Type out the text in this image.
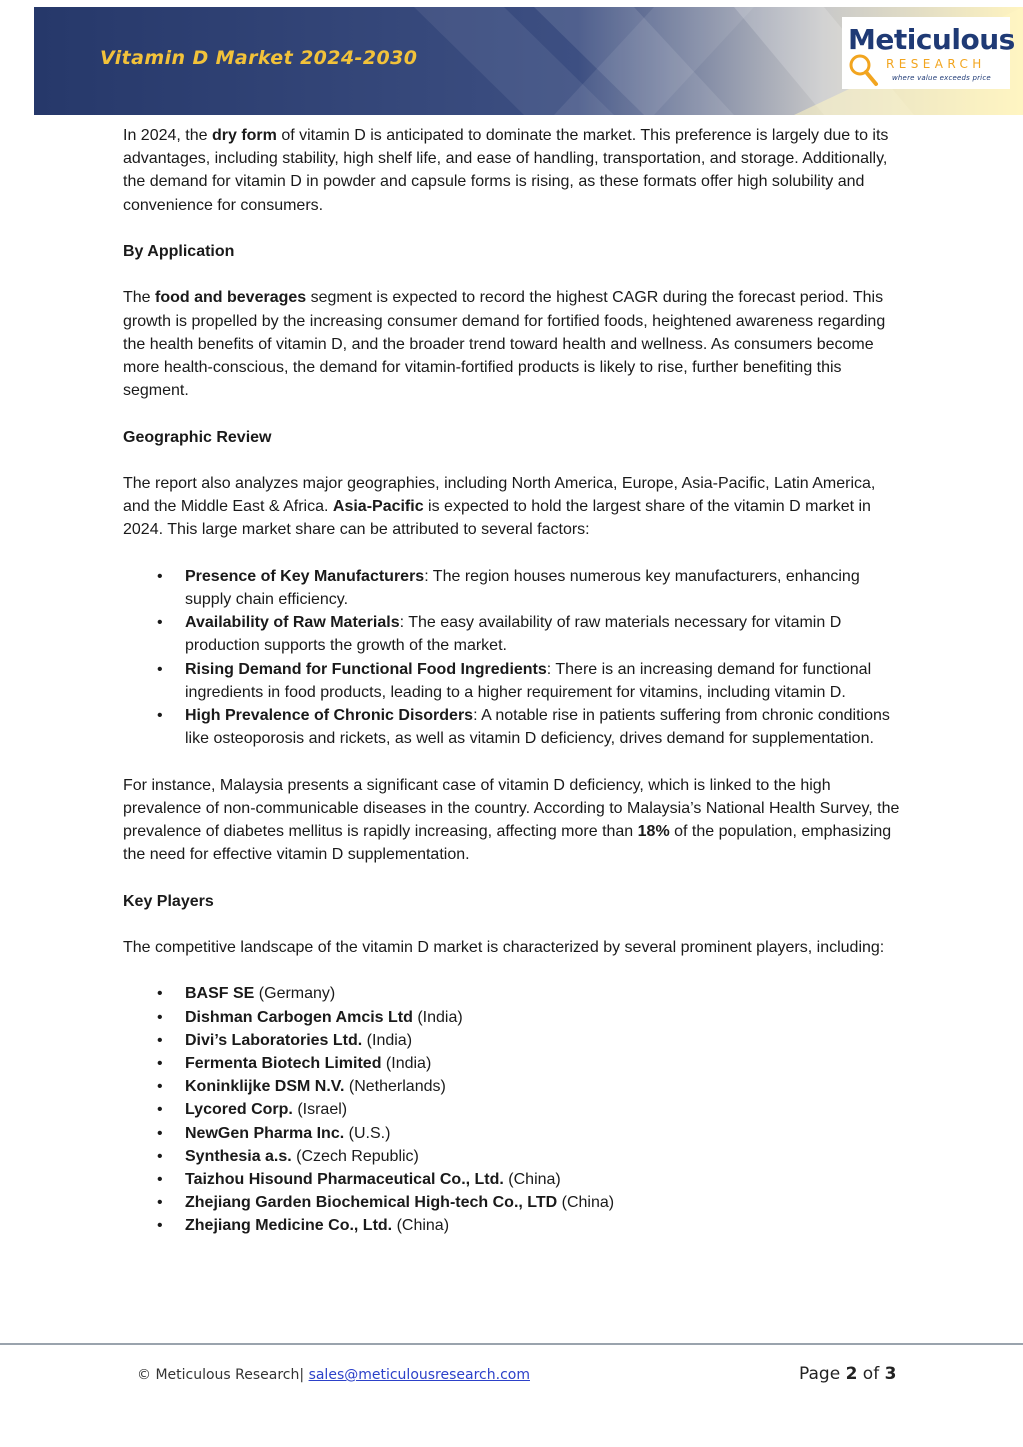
Vitamin D Market 2024-2030
Meticulous
RESEARCH
where value exceeds price

In 2024, the dry form of vitamin D is anticipated to dominate the market. This preference is largely due to its advantages, including stability, high shelf life, and ease of handling, transportation, and storage. Additionally, the demand for vitamin D in powder and capsule forms is rising, as these formats offer high solubility and convenience for consumers.

By Application

The food and beverages segment is expected to record the highest CAGR during the forecast period. This growth is propelled by the increasing consumer demand for fortified foods, heightened awareness regarding the health benefits of vitamin D, and the broader trend toward health and wellness. As consumers become more health-conscious, the demand for vitamin-fortified products is likely to rise, further benefiting this segment.

Geographic Review

The report also analyzes major geographies, including North America, Europe, Asia-Pacific, Latin America, and the Middle East & Africa. Asia-Pacific is expected to hold the largest share of the vitamin D market in 2024. This large market share can be attributed to several factors:

• Presence of Key Manufacturers: The region houses numerous key manufacturers, enhancing supply chain efficiency.
• Availability of Raw Materials: The easy availability of raw materials necessary for vitamin D production supports the growth of the market.
• Rising Demand for Functional Food Ingredients: There is an increasing demand for functional ingredients in food products, leading to a higher requirement for vitamins, including vitamin D.
• High Prevalence of Chronic Disorders: A notable rise in patients suffering from chronic conditions like osteoporosis and rickets, as well as vitamin D deficiency, drives demand for supplementation.

For instance, Malaysia presents a significant case of vitamin D deficiency, which is linked to the high prevalence of non-communicable diseases in the country. According to Malaysia’s National Health Survey, the prevalence of diabetes mellitus is rapidly increasing, affecting more than 18% of the population, emphasizing the need for effective vitamin D supplementation.

Key Players

The competitive landscape of the vitamin D market is characterized by several prominent players, including:

• BASF SE (Germany)
• Dishman Carbogen Amcis Ltd (India)
• Divi’s Laboratories Ltd. (India)
• Fermenta Biotech Limited (India)
• Koninklijke DSM N.V. (Netherlands)
• Lycored Corp. (Israel)
• NewGen Pharma Inc. (U.S.)
• Synthesia a.s. (Czech Republic)
• Taizhou Hisound Pharmaceutical Co., Ltd. (China)
• Zhejiang Garden Biochemical High-tech Co., LTD (China)
• Zhejiang Medicine Co., Ltd. (China)
© Meticulous Research| sales@meticulousresearch.com	Page 2 of 3
